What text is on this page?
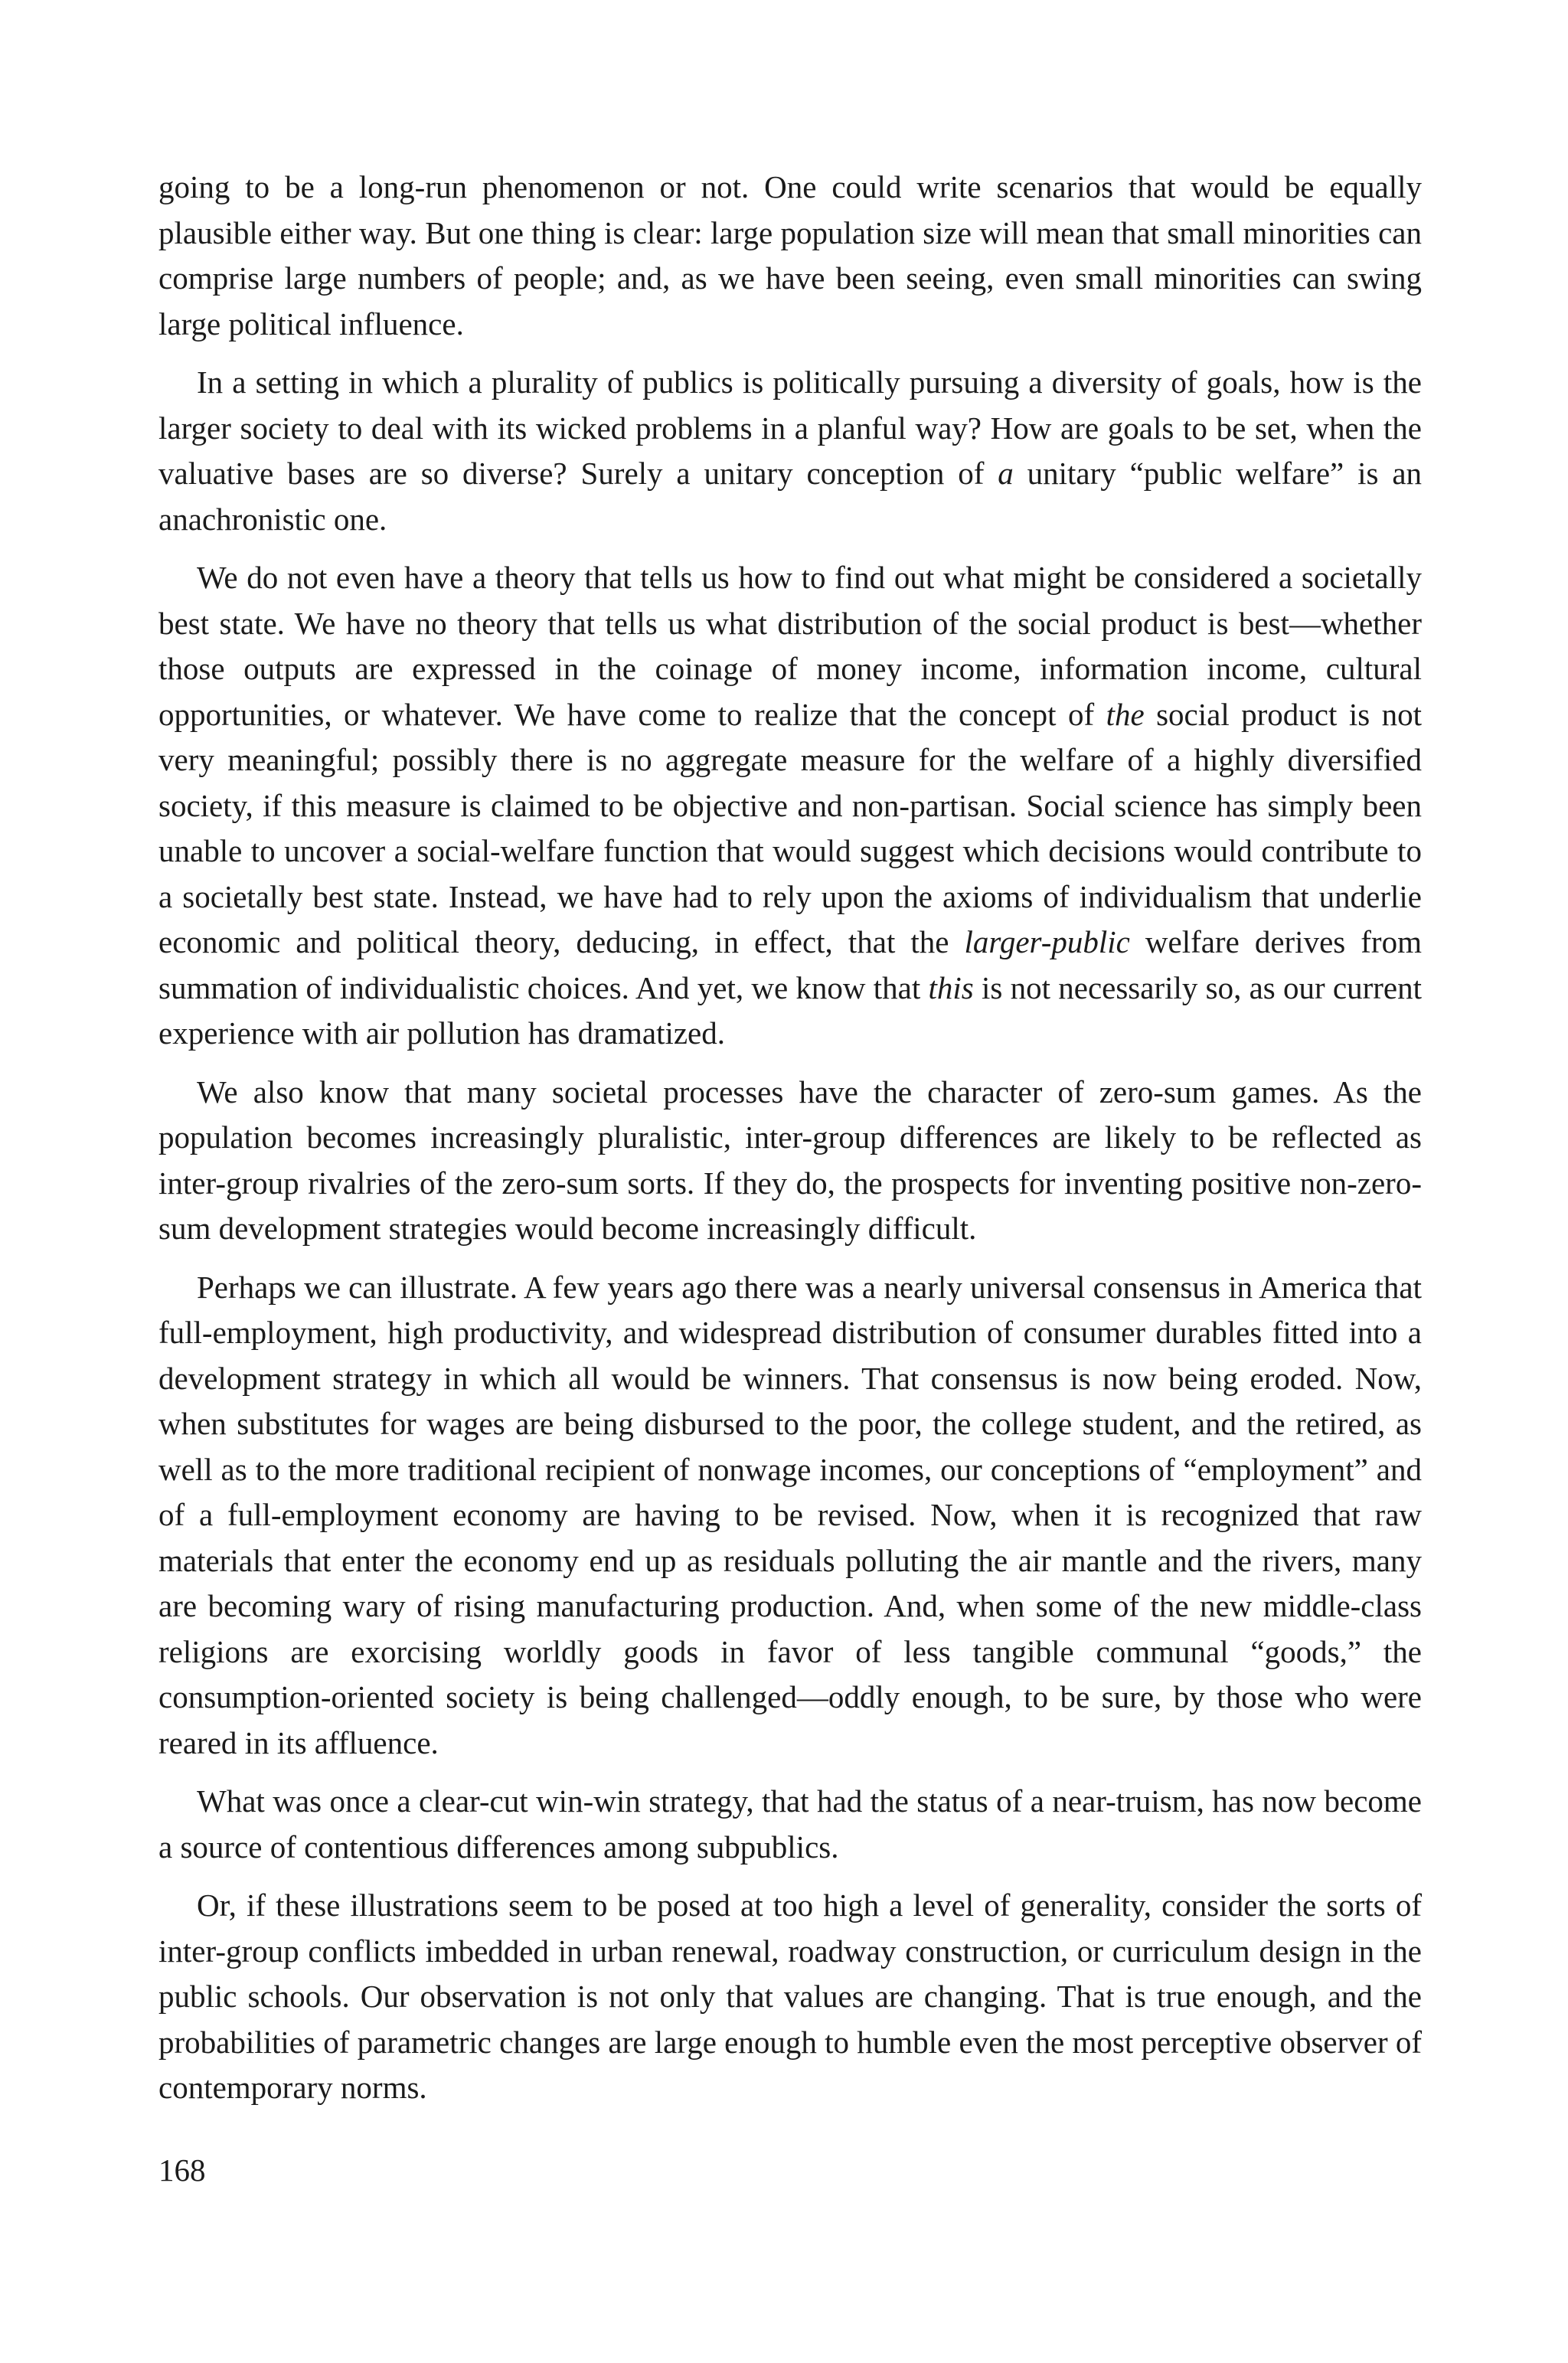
going to be a long-run phenomenon or not. One could write scenarios that would be equally plausible either way. But one thing is clear: large population size will mean that small minorities can comprise large numbers of people; and, as we have been seeing, even small minorities can swing large political influence.

In a setting in which a plurality of publics is politically pursuing a diversity of goals, how is the larger society to deal with its wicked problems in a planful way? How are goals to be set, when the valuative bases are so diverse? Surely a unitary conception of a unitary “public welfare” is an anachronistic one.

We do not even have a theory that tells us how to find out what might be considered a societally best state. We have no theory that tells us what distribution of the social product is best—whether those outputs are expressed in the coinage of money income, information income, cultural opportunities, or whatever. We have come to realize that the concept of the social product is not very meaningful; possibly there is no aggregate measure for the welfare of a highly diversified society, if this measure is claimed to be objective and non-partisan. Social science has simply been unable to uncover a social-welfare function that would suggest which decisions would contribute to a societally best state. Instead, we have had to rely upon the axioms of individualism that underlie economic and political theory, deducing, in effect, that the larger-public welfare derives from summation of individualistic choices. And yet, we know that this is not necessarily so, as our current experience with air pollution has dramatized.

We also know that many societal processes have the character of zero-sum games. As the population becomes increasingly pluralistic, inter-group differences are likely to be reflected as inter-group rivalries of the zero-sum sorts. If they do, the prospects for inventing positive non-zero-sum development strategies would become increasingly difficult.

Perhaps we can illustrate. A few years ago there was a nearly universal consensus in America that full-employment, high productivity, and widespread distribution of consumer durables fitted into a development strategy in which all would be winners. That consensus is now being eroded. Now, when substitutes for wages are being disbursed to the poor, the college student, and the retired, as well as to the more traditional recipient of nonwage incomes, our conceptions of “employment” and of a full-employment economy are having to be revised. Now, when it is recognized that raw materials that enter the economy end up as residuals polluting the air mantle and the rivers, many are becoming wary of rising manufacturing production. And, when some of the new middle-class religions are exorcising worldly goods in favor of less tangible communal “goods,” the consumption-oriented society is being challenged—oddly enough, to be sure, by those who were reared in its affluence.

What was once a clear-cut win-win strategy, that had the status of a near-truism, has now become a source of contentious differences among subpublics.

Or, if these illustrations seem to be posed at too high a level of generality, consider the sorts of inter-group conflicts imbedded in urban renewal, roadway construction, or curriculum design in the public schools. Our observation is not only that values are changing. That is true enough, and the probabilities of parametric changes are large enough to humble even the most perceptive observer of contemporary norms.

168
